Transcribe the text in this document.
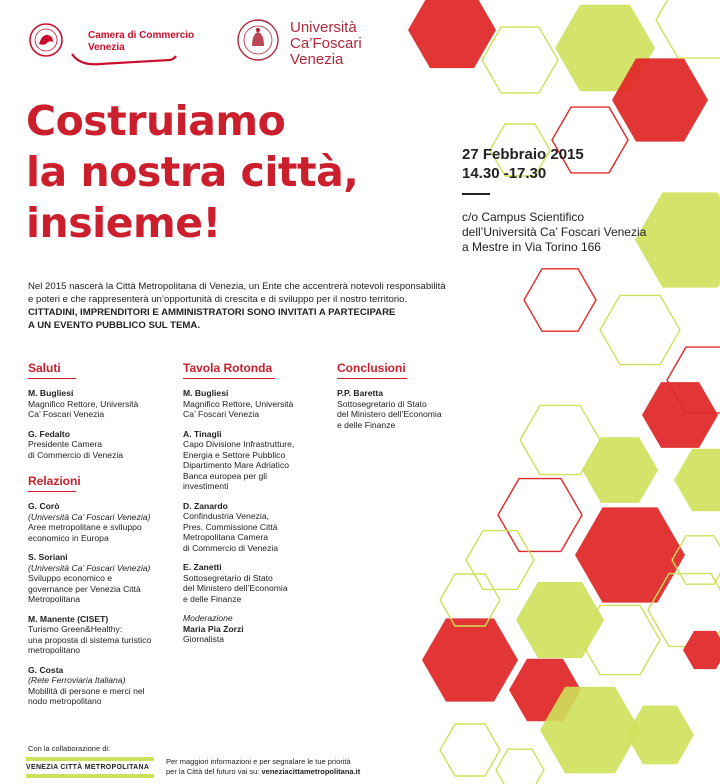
Camera di Commercio
Venezia
Università
Ca’Foscari
Venezia
Costruiamo
la nostra città,
insieme!
27 Febbraio 2015
14.30 -17.30
c/o Campus Scientifico
dell’Università Ca’ Foscari Venezia
a Mestre in Via Torino 166
Nel 2015 nascerà la Città Metropolitana di Venezia, un Ente che accentrerà notevoli responsabilità
e poteri e che rappresenterà un’opportunità di crescita e di sviluppo per il nostro territorio.
CITTADINI, IMPRENDITORI E AMMINISTRATORI SONO INVITATI A PARTECIPARE
A UN EVENTO PUBBLICO SUL TEMA.
Saluti
M. Bugliesi
Magnifico Rettore, Università
Ca’ Foscari Venezia
G. Fedalto
Presidente Camera
di Commercio di Venezia
Relazioni
G. Corò
(Università Ca’ Foscari Venezia)
Aree metropolitane e sviluppo
economico in Europa
S. Soriani
(Università Ca’ Foscari Venezia)
Sviluppo economico e
governance per Venezia Città
Metropolitana
M. Manente (CISET)
Turismo Green&Healthy:
una proposta di sistema turistico
metropolitano
G. Costa
(Rete Ferroviaria Italiana)
Mobilità di persone e merci nel
nodo metropolitano
Tavola Rotonda
M. Bugliesi
Magnifico Rettore, Università
Ca’ Foscari Venezia
A. Tinagli
Capo Divisione Infrastrutture,
Energia e Settore Pubblico
Dipartimento Mare Adriatico
Banca europea per gli
investimenti
D. Zanardo
Confindustria Venezia,
Pres. Commissione Città
Metropolitana Camera
di Commercio di Venezia
E. Zanetti
Sottosegretario di Stato
del Ministero dell’Economia
e delle Finanze
Moderazione
Maria Pia Zorzi
Giornalista
Conclusioni
P.P. Baretta
Sottosegretario di Stato
del Ministero dell’Economia
e delle Finanze
Con la collaborazione di:
VENEZIA CITTÀ METROPOLITANA
Per maggiori informazioni e per segnalare le tue priorità
per la Città del futuro vai su: veneziacittametropolitana.it
